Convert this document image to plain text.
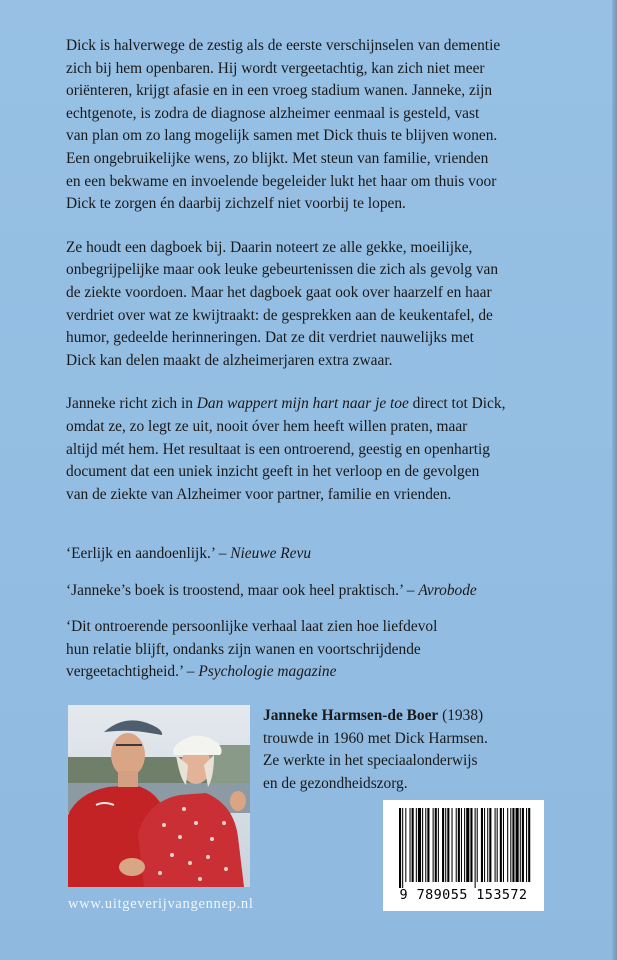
Dick is halverwege de zestig als de eerste verschijnselen van dementie
zich bij hem openbaren. Hij wordt vergeetachtig, kan zich niet meer
oriënteren, krijgt afasie en in een vroeg stadium wanen. Janneke, zijn
echtgenote, is zodra de diagnose alzheimer eenmaal is gesteld, vast
van plan om zo lang mogelijk samen met Dick thuis te blijven wonen.
Een ongebruikelijke wens, zo blijkt. Met steun van familie, vrienden
en een bekwame en invoelende begeleider lukt het haar om thuis voor
Dick te zorgen én daarbij zichzelf niet voorbij te lopen.

Ze houdt een dagboek bij. Daarin noteert ze alle gekke, moeilijke,
onbegrijpelijke maar ook leuke gebeurtenissen die zich als gevolg van
de ziekte voordoen. Maar het dagboek gaat ook over haarzelf en haar
verdriet over wat ze kwijtraakt: de gesprekken aan de keukentafel, de
humor, gedeelde herinneringen. Dat ze dit verdriet nauwelijks met
Dick kan delen maakt de alzheimerjaren extra zwaar.

Janneke richt zich in Dan wappert mijn hart naar je toe direct tot Dick,
omdat ze, zo legt ze uit, nooit óver hem heeft willen praten, maar
altijd mét hem. Het resultaat is een ontroerend, geestig en openhartig
document dat een uniek inzicht geeft in het verloop en de gevolgen
van de ziekte van Alzheimer voor partner, familie en vrienden.

‘Eerlijk en aandoenlijk.’ – Nieuwe Revu

‘Janneke’s boek is troostend, maar ook heel praktisch.’ – Avrobode

‘Dit ontroerende persoonlijke verhaal laat zien hoe liefdevol
hun relatie blijft, ondanks zijn wanen en voortschrijdende
vergeetachtigheid.’ – Psychologie magazine

Janneke Harmsen-de Boer (1938)
trouwde in 1960 met Dick Harmsen.
Ze werkte in het speciaalonderwijs
en de gezondheidszorg.
9 789055 153572
www.uitgeverijvangennep.nl
